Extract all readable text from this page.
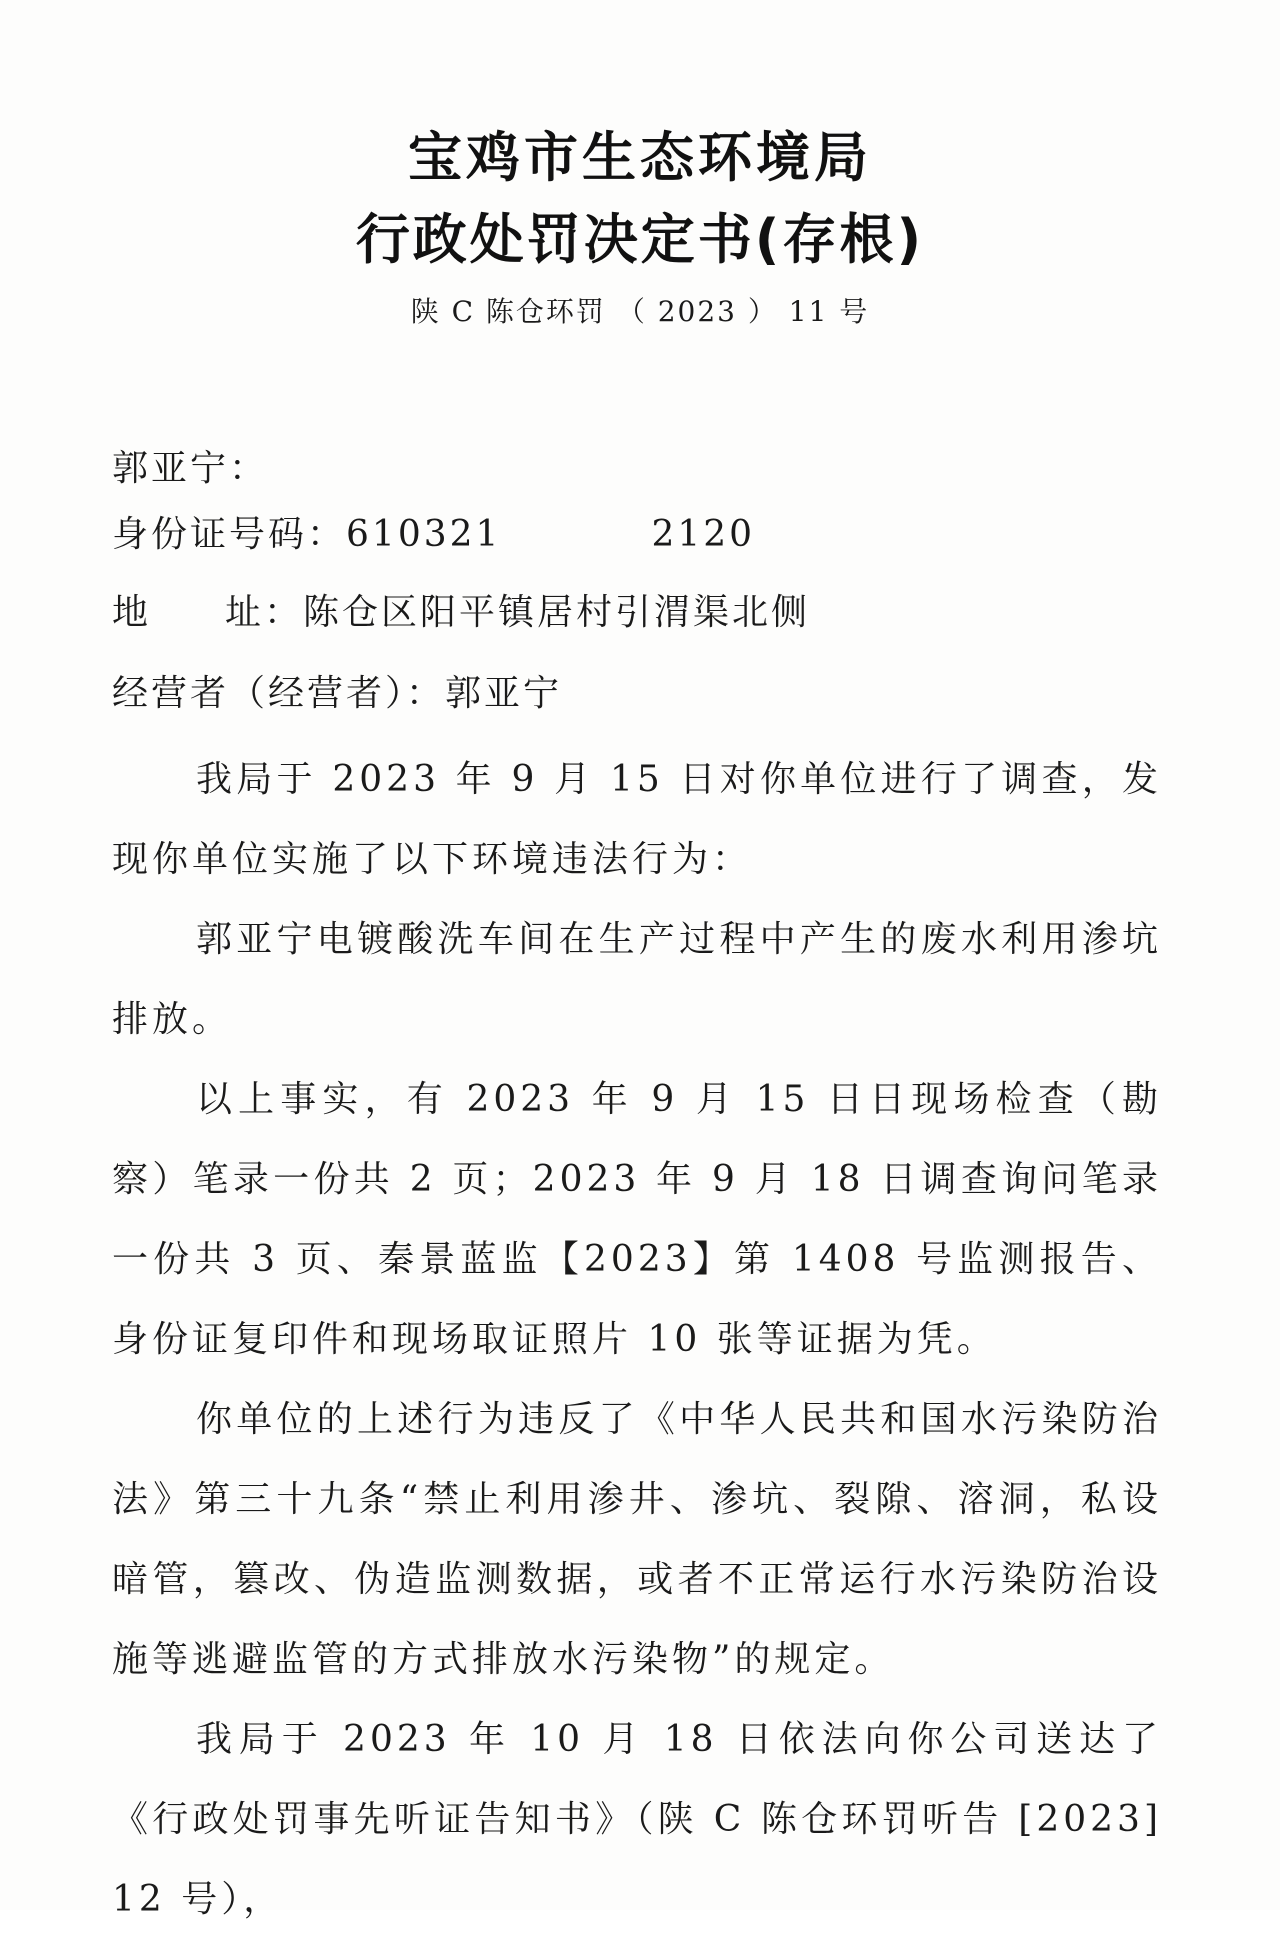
宝鸡市生态环境局
行政处罚决定书(存根)
陕 C 陈仓环罚 （ 2023 ） 11 号
郭亚宁：
身份证号码：610321	2120
地 址：陈仓区阳平镇居村引渭渠北侧
经营者（经营者）：郭亚宁
我局于 2023 年 9 月 15 日对你单位进行了调查，发现你单位实施了以下环境违法行为：
郭亚宁电镀酸洗车间在生产过程中产生的废水利用渗坑排放。
以上事实，有 2023 年 9 月 15 日日现场检查（勘察）笔录一份共 2 页；2023 年 9 月 18 日调查询问笔录一份共 3 页、秦景蓝监【2023】第 1408 号监测报告、身份证复印件和现场取证照片 10 张等证据为凭。
你单位的上述行为违反了《中华人民共和国水污染防治法》第三十九条“禁止利用渗井、渗坑、裂隙、溶洞，私设暗管，篡改、伪造监测数据，或者不正常运行水污染防治设施等逃避监管的方式排放水污染物”的规定。
我局于 2023 年 10 月 18 日依法向你公司送达了《行政处罚事先听证告知书》（陕 C 陈仓环罚听告 [2023] 12 号），
